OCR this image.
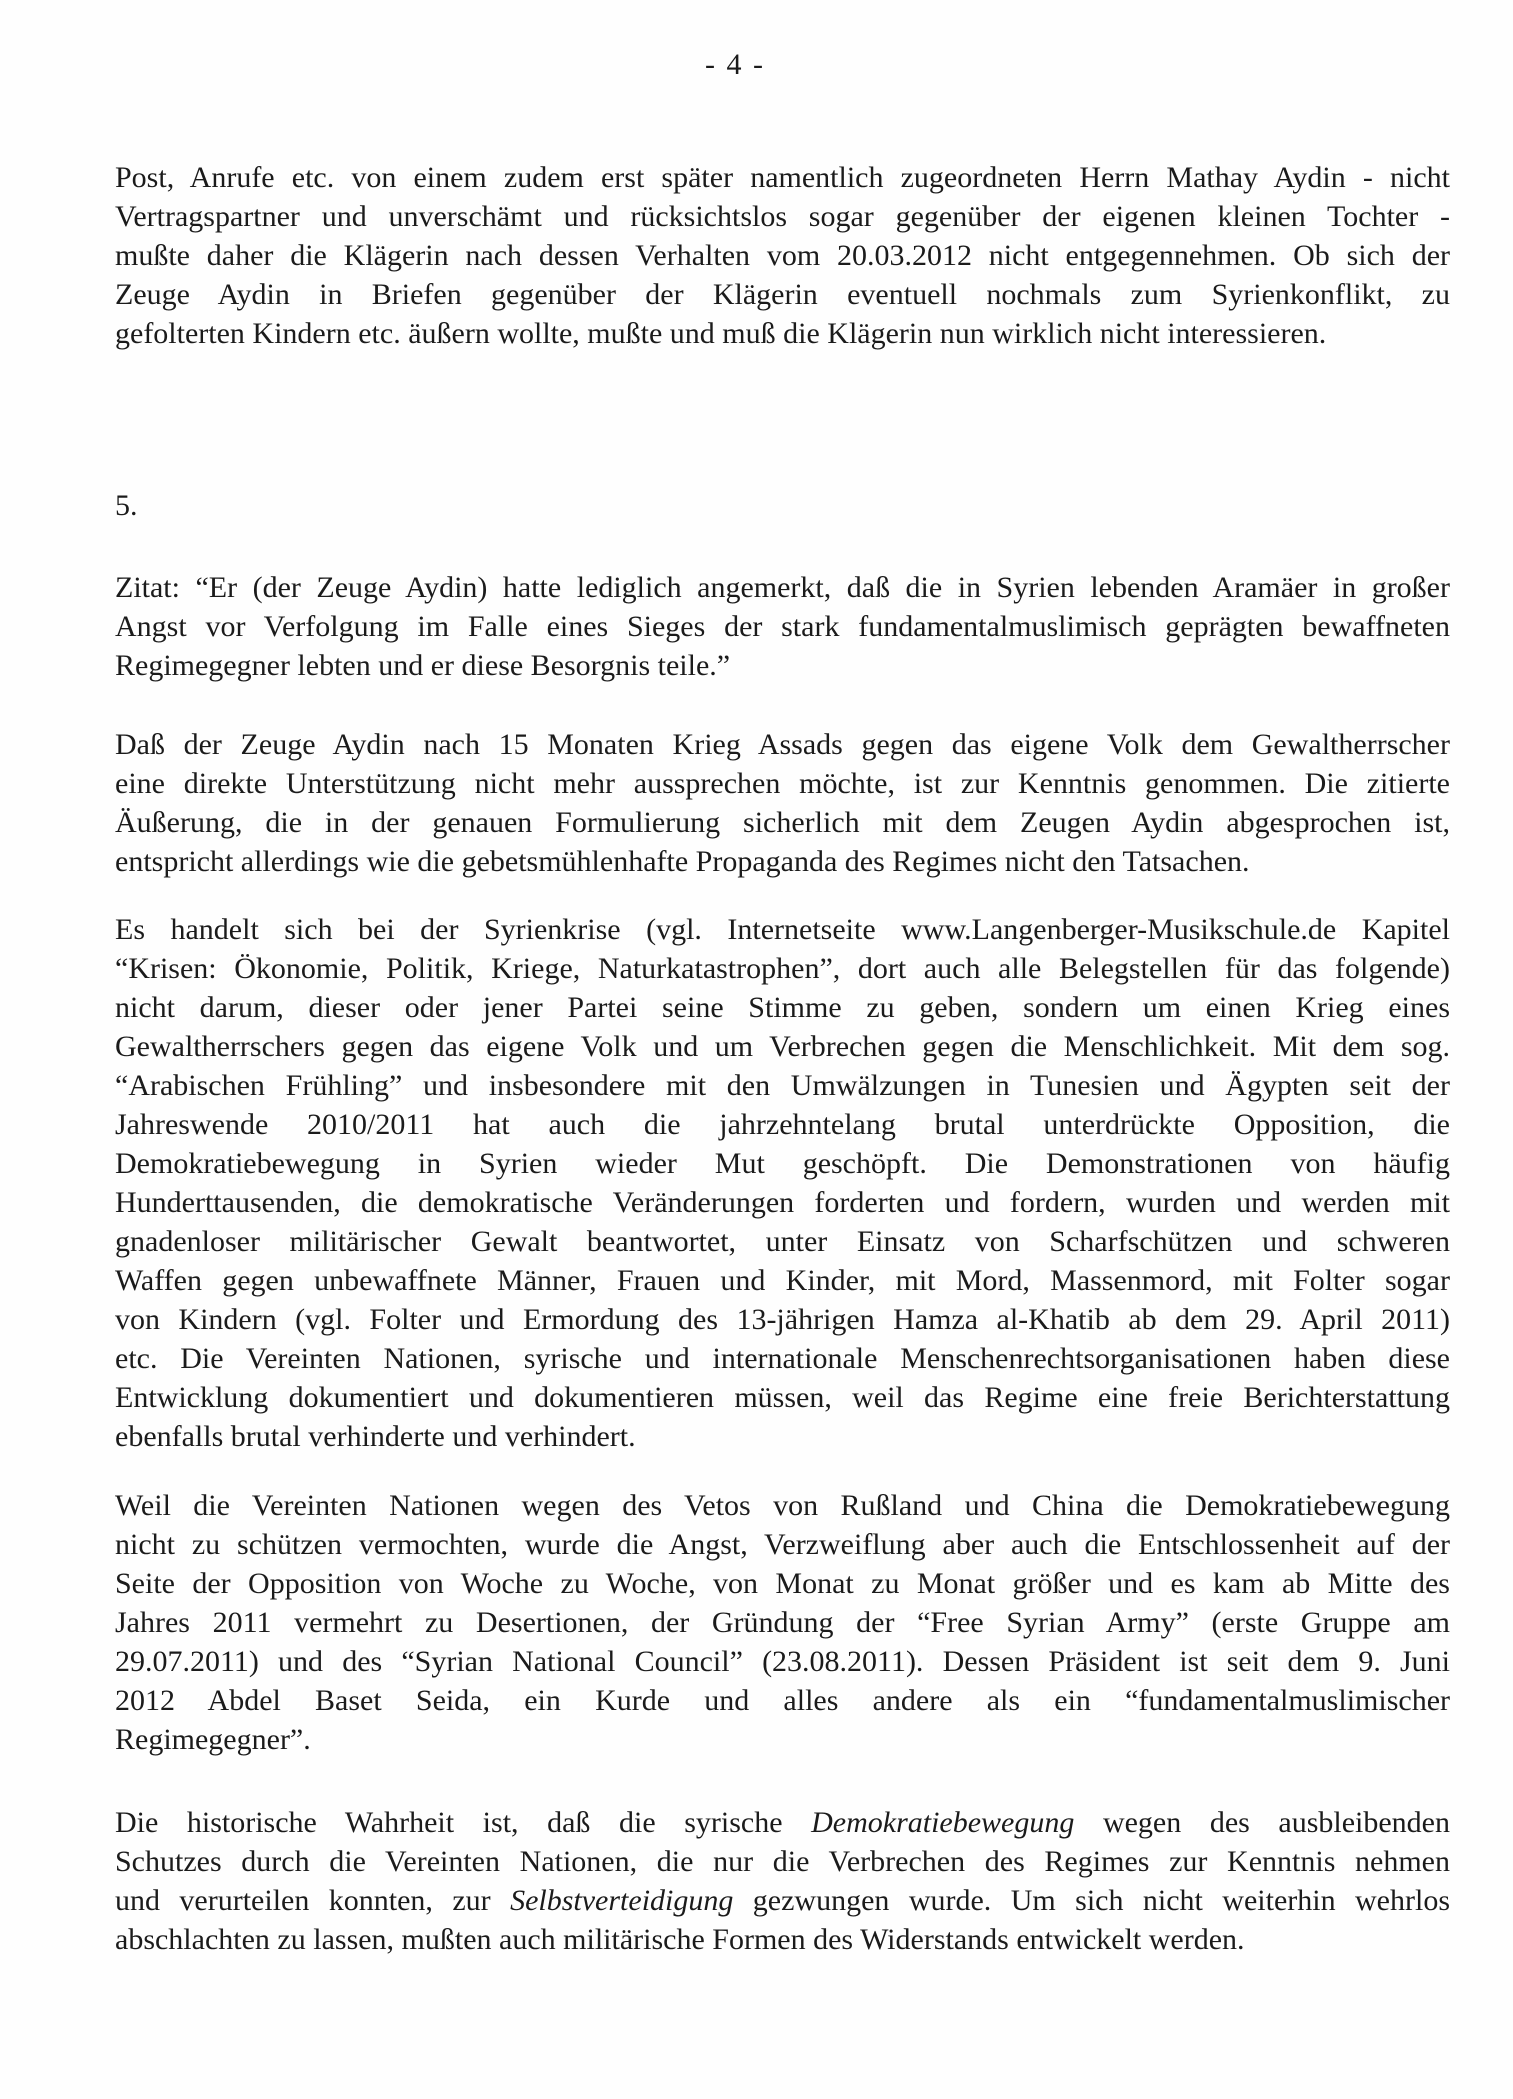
- 4 -
Post, Anrufe etc. von einem zudem erst später namentlich zugeordneten Herrn Mathay Aydin - nicht
Vertragspartner und unverschämt und rücksichtslos sogar gegenüber der eigenen kleinen Tochter -
mußte daher die Klägerin nach dessen Verhalten vom 20.03.2012 nicht entgegennehmen. Ob sich der
Zeuge Aydin in Briefen gegenüber der Klägerin eventuell nochmals zum Syrienkonflikt, zu
gefolterten Kindern etc. äußern wollte, mußte und muß die Klägerin nun wirklich nicht interessieren.
5.
Zitat: “Er (der Zeuge Aydin) hatte lediglich angemerkt, daß die in Syrien lebenden Aramäer in großer
Angst vor Verfolgung im Falle eines Sieges der stark fundamentalmuslimisch geprägten bewaffneten
Regimegegner lebten und er diese Besorgnis teile.”
Daß der Zeuge Aydin nach 15 Monaten Krieg Assads gegen das eigene Volk dem Gewaltherrscher
eine direkte Unterstützung nicht mehr aussprechen möchte, ist zur Kenntnis genommen. Die zitierte
Äußerung, die in der genauen Formulierung sicherlich mit dem Zeugen Aydin abgesprochen ist,
entspricht allerdings wie die gebetsmühlenhafte Propaganda des Regimes nicht den Tatsachen.
Es handelt sich bei der Syrienkrise (vgl. Internetseite www.Langenberger-Musikschule.de Kapitel
“Krisen: Ökonomie, Politik, Kriege, Naturkatastrophen”, dort auch alle Belegstellen für das folgende)
nicht darum, dieser oder jener Partei seine Stimme zu geben, sondern um einen Krieg eines
Gewaltherrschers gegen das eigene Volk und um Verbrechen gegen die Menschlichkeit. Mit dem sog.
“Arabischen Frühling” und insbesondere mit den Umwälzungen in Tunesien und Ägypten seit der
Jahreswende 2010/2011 hat auch die jahrzehntelang brutal unterdrückte Opposition, die
Demokratiebewegung in Syrien wieder Mut geschöpft. Die Demonstrationen von häufig
Hunderttausenden, die demokratische Veränderungen forderten und fordern, wurden und werden mit
gnadenloser militärischer Gewalt beantwortet, unter Einsatz von Scharfschützen und schweren
Waffen gegen unbewaffnete Männer, Frauen und Kinder, mit Mord, Massenmord, mit Folter sogar
von Kindern (vgl. Folter und Ermordung des 13-jährigen Hamza al-Khatib ab dem 29. April 2011)
etc. Die Vereinten Nationen, syrische und internationale Menschenrechtsorganisationen haben diese
Entwicklung dokumentiert und dokumentieren müssen, weil das Regime eine freie Berichterstattung
ebenfalls brutal verhinderte und verhindert.
Weil die Vereinten Nationen wegen des Vetos von Rußland und China die Demokratiebewegung
nicht zu schützen vermochten, wurde die Angst, Verzweiflung aber auch die Entschlossenheit auf der
Seite der Opposition von Woche zu Woche, von Monat zu Monat größer und es kam ab Mitte des
Jahres 2011 vermehrt zu Desertionen, der Gründung der “Free Syrian Army” (erste Gruppe am
29.07.2011) und des “Syrian National Council” (23.08.2011). Dessen Präsident ist seit dem 9. Juni
2012 Abdel Baset Seida, ein Kurde und alles andere als ein “fundamentalmuslimischer
Regimegegner”.
Die historische Wahrheit ist, daß die syrische Demokratiebewegung wegen des ausbleibenden
Schutzes durch die Vereinten Nationen, die nur die Verbrechen des Regimes zur Kenntnis nehmen
und verurteilen konnten, zur Selbstverteidigung gezwungen wurde. Um sich nicht weiterhin wehrlos
abschlachten zu lassen, mußten auch militärische Formen des Widerstands entwickelt werden.
